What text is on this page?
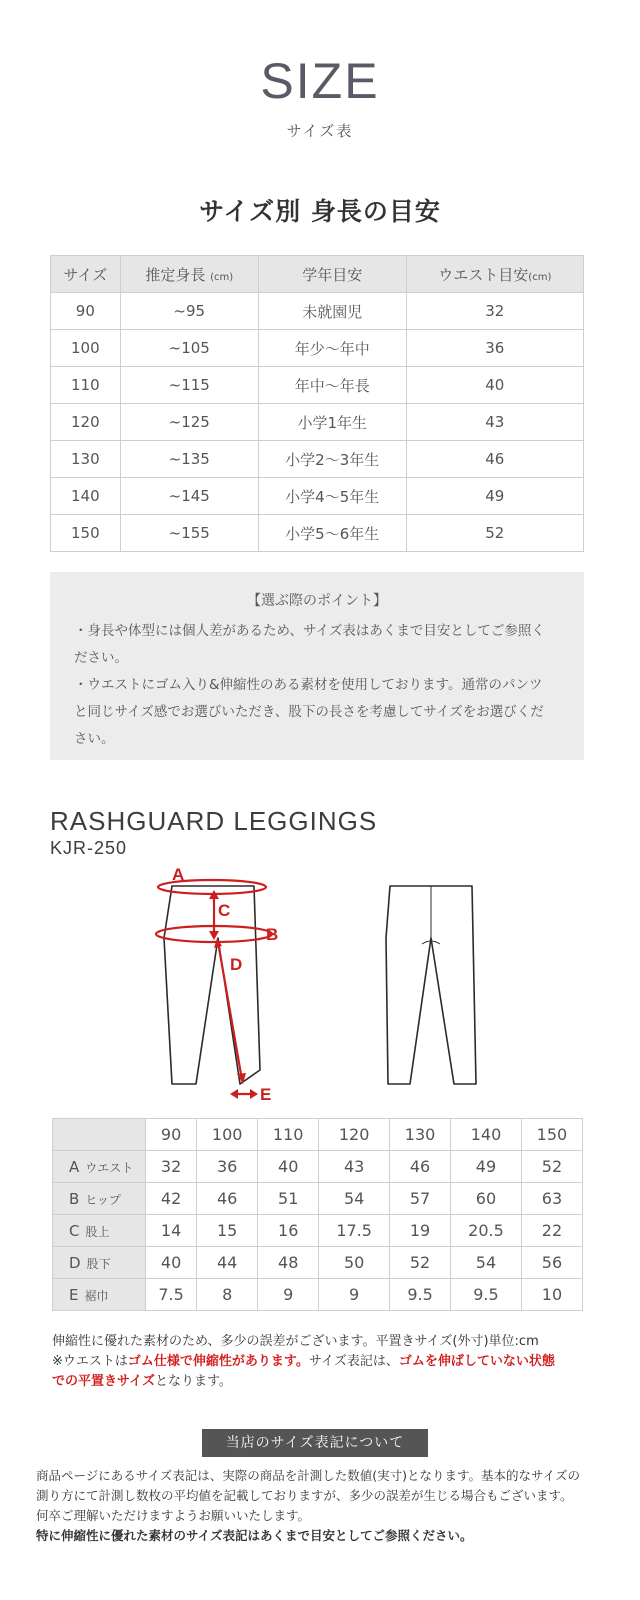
SIZE
サイズ表
サイズ別 身長の目安
サイズ	推定身長 (cm)	学年目安	ウエスト目安(cm)
90	~95	未就園児	32
100	~105	年少〜年中	36
110	~115	年中〜年長	40
120	~125	小学1年生	43
130	~135	小学2〜3年生	46
140	~145	小学4〜5年生	49
150	~155	小学5〜6年生	52
【選ぶ際のポイント】
・身長や体型には個人差があるため、サイズ表はあくまで目安としてご参照く
ださい。
・ウエストにゴム入り&伸縮性のある素材を使用しております。通常のパンツ
と同じサイズ感でお選びいただき、股下の長さを考慮してサイズをお選びくだ
さい。
RASHGUARD LEGGINGS
KJR-250
A
B
C
D
E
	90	100	110	120	130	140	150
A ウエスト	32	36	40	43	46	49	52
B ヒップ	42	46	51	54	57	60	63
C 股上	14	15	16	17.5	19	20.5	22
D 股下	40	44	48	50	52	54	56
E 裾巾	7.5	8	9	9	9.5	9.5	10
伸縮性に優れた素材のため、多少の誤差がございます。平置きサイズ(外寸)単位:cm
※ウエストはゴム仕様で伸縮性があります。サイズ表記は、ゴムを伸ばしていない状態
での平置きサイズとなります。
当店のサイズ表記について
商品ページにあるサイズ表記は、実際の商品を計測した数値(実寸)となります。基本的なサイズの
測り方にて計測し数枚の平均値を記載しておりますが、多少の誤差が生じる場合もございます。
何卒ご理解いただけますようお願いいたします。
特に伸縮性に優れた素材のサイズ表記はあくまで目安としてご参照ください。
